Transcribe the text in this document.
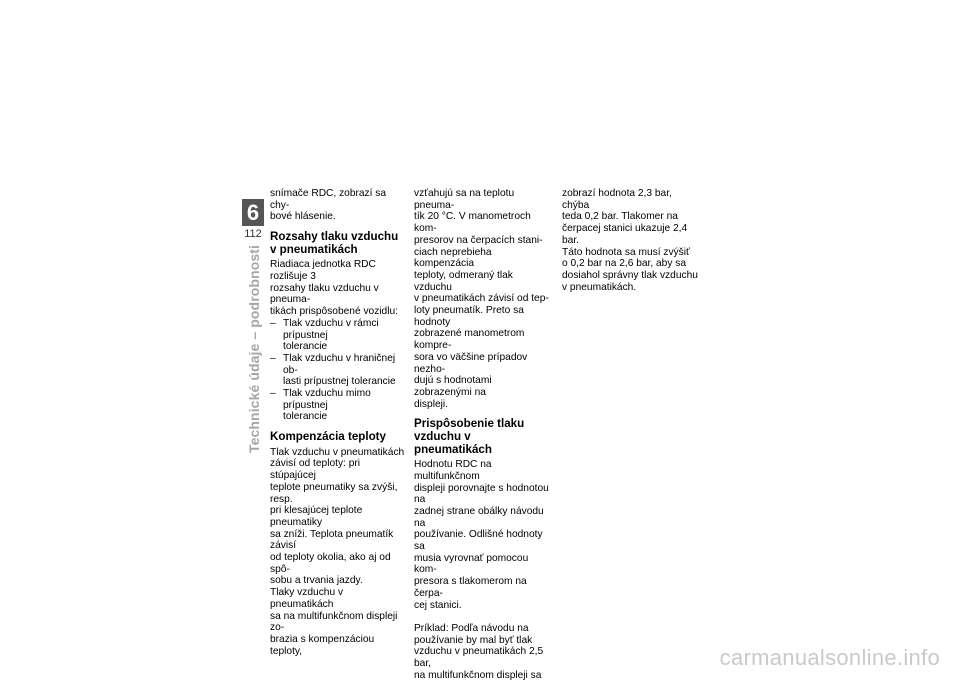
6
112
Technické údaje – podrobnosti
snímače RDC, zobrazí sa chy-
bové hlásenie.
Rozsahy tlaku vzduchu
v pneumatikách
Riadiaca jednotka RDC rozlišuje 3
rozsahy tlaku vzduchu v pneuma-
tikách prispôsobené vozidlu:
– Tlak vzduchu v rámci prípustnej
tolerancie
– Tlak vzduchu v hraničnej ob-
lasti prípustnej tolerancie
– Tlak vzduchu mimo prípustnej
tolerancie
Kompenzácia teploty
Tlak vzduchu v pneumatikách
závisí od teploty: pri stúpajúcej
teplote pneumatiky sa zvýši, resp.
pri klesajúcej teplote pneumatiky
sa zníži. Teplota pneumatík závisí
od teploty okolia, ako aj od spô-
sobu a trvania jazdy.
Tlaky vzduchu v pneumatikách
sa na multifunkčnom displeji zo-
brazia s kompenzáciou teploty,
vzťahujú sa na teplotu pneuma-
tík 20 °C. V manometroch kom-
presorov na čerpacích stani-
ciach neprebieha kompenzácia
teploty, odmeraný tlak vzduchu
v pneumatikách závisí od tep-
loty pneumatík. Preto sa hodnoty
zobrazené manometrom kompre-
sora vo väčšine prípadov nezho-
dujú s hodnotami zobrazenými na
displeji.
Prispôsobenie tlaku
vzduchu v pneumatikách
Hodnotu RDC na multifunkčnom
displeji porovnajte s hodnotou na
zadnej strane obálky návodu na
používanie. Odlišné hodnoty sa
musia vyrovnať pomocou kom-
presora s tlakomerom na čerpa-
cej stanici.
Príklad: Podľa návodu na
používanie by mal byť tlak
vzduchu v pneumatikách 2,5 bar,
na multifunkčnom displeji sa
zobrazí hodnota 2,3 bar, chýba
teda 0,2 bar. Tlakomer na
čerpacej stanici ukazuje 2,4 bar.
Táto hodnota sa musí zvýšiť
o 0,2 bar na 2,6 bar, aby sa
dosiahol správny tlak vzduchu
v pneumatikách.
carmanualsonline.info
